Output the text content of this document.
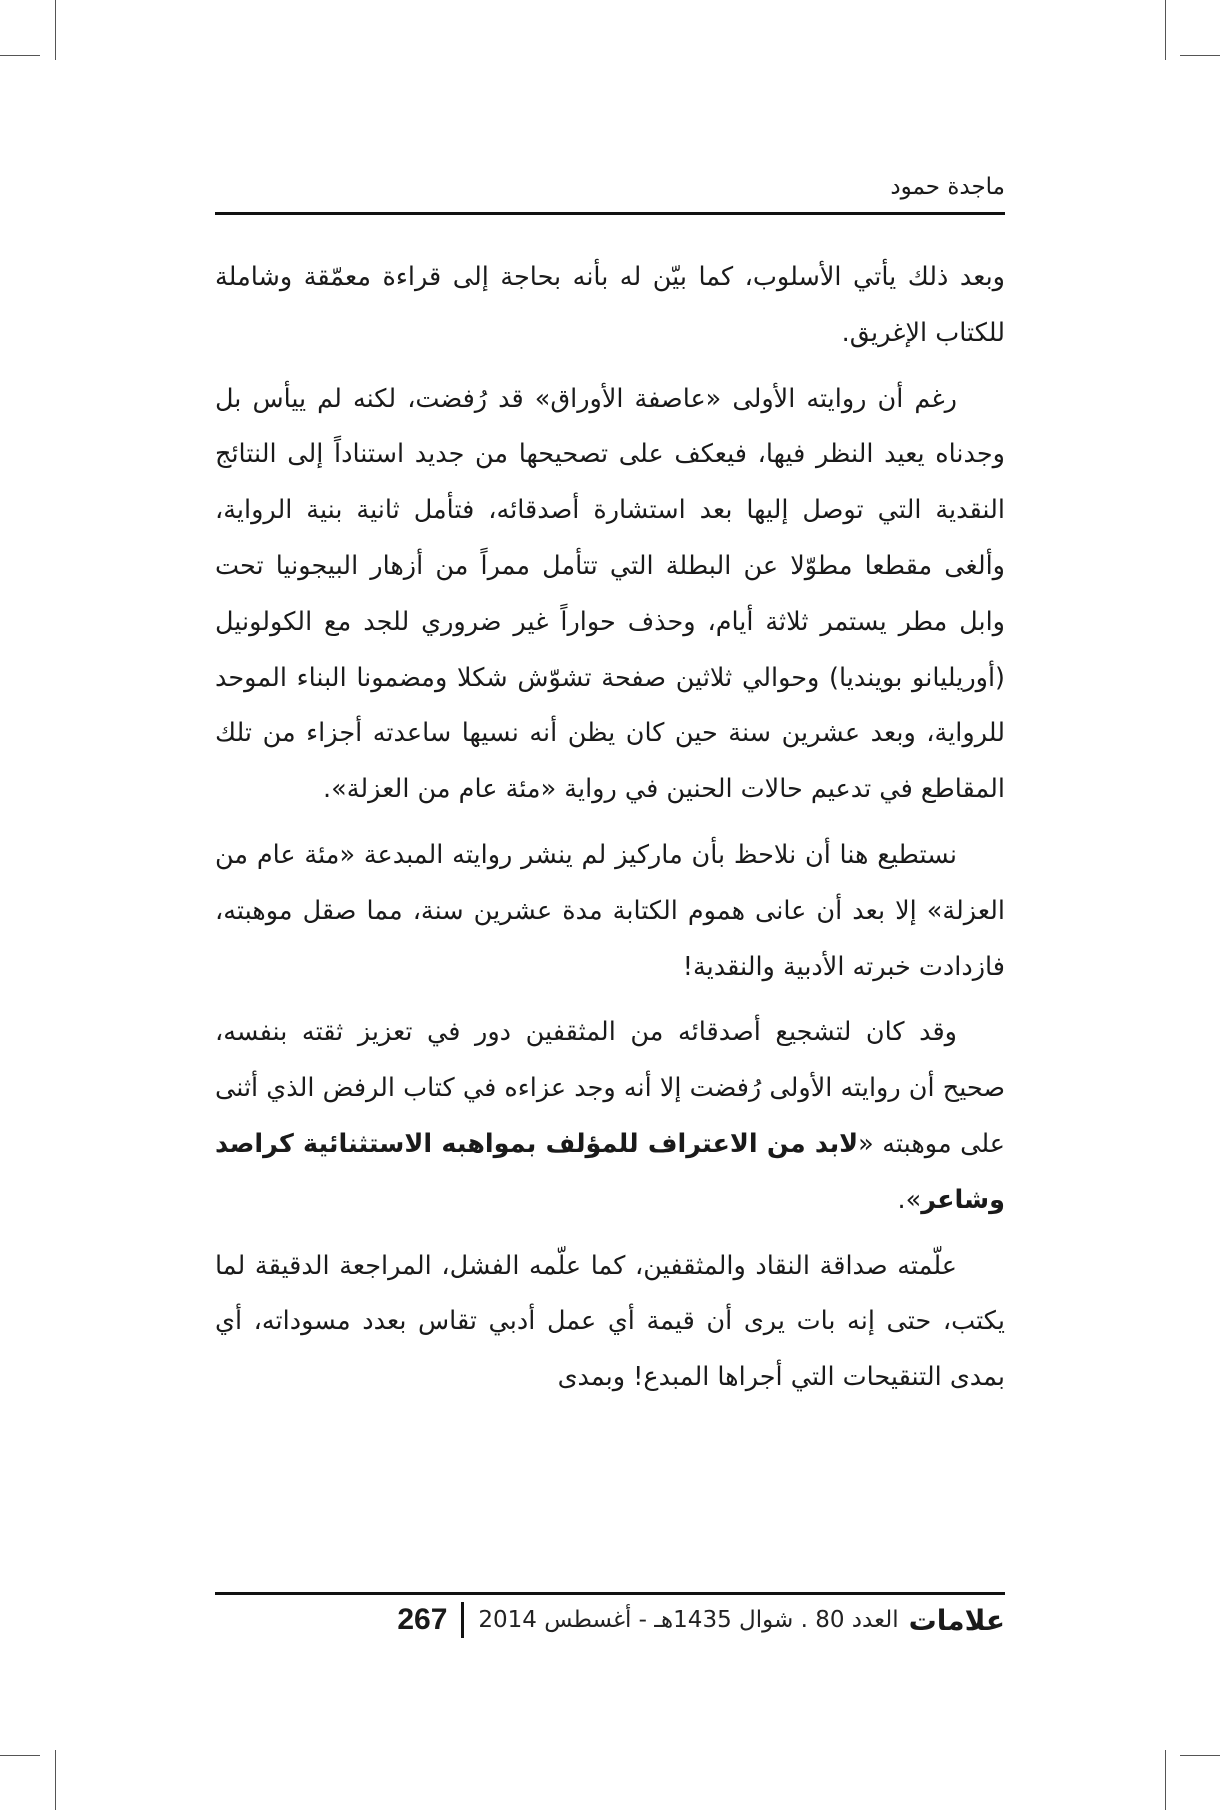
ماجدة حمود

وبعد ذلك يأتي الأسلوب، كما بيّن له بأنه بحاجة إلى قراءة معمّقة وشاملة للكتاب الإغريق.

رغم أن روايته الأولى «عاصفة الأوراق» قد رُفضت، لكنه لم ييأس بل وجدناه يعيد النظر فيها، فيعكف على تصحيحها من جديد استناداً إلى النتائج النقدية التي توصل إليها بعد استشارة أصدقائه، فتأمل ثانية بنية الرواية، وألغى مقطعا مطوّلا عن البطلة التي تتأمل ممراً من أزهار البيجونيا تحت وابل مطر يستمر ثلاثة أيام، وحذف حواراً غير ضروري للجد مع الكولونيل (أوريليانو بوينديا) وحوالي ثلاثين صفحة تشوّش شكلا ومضمونا البناء الموحد للرواية، وبعد عشرين سنة حين كان يظن أنه نسيها ساعدته أجزاء من تلك المقاطع في تدعيم حالات الحنين في رواية «مئة عام من العزلة».

نستطيع هنا أن نلاحظ بأن ماركيز لم ينشر روايته المبدعة «مئة عام من العزلة» إلا بعد أن عانى هموم الكتابة مدة عشرين سنة، مما صقل موهبته، فازدادت خبرته الأدبية والنقدية!

وقد كان لتشجيع أصدقائه من المثقفين دور في تعزيز ثقته بنفسه، صحيح أن روايته الأولى رُفضت إلا أنه وجد عزاءه في كتاب الرفض الذي أثنى على موهبته «لابد من الاعتراف للمؤلف بمواهبه الاستثنائية كراصد وشاعر».

علّمته صداقة النقاد والمثقفين، كما علّمه الفشل، المراجعة الدقيقة لما يكتب، حتى إنه بات يرى أن قيمة أي عمل أدبي تقاس بعدد مسوداته، أي بمدى التنقيحات التي أجراها المبدع! وبمدى

علامات
العدد 80 . شوال 1435هـ - أغسطس 2014
267
